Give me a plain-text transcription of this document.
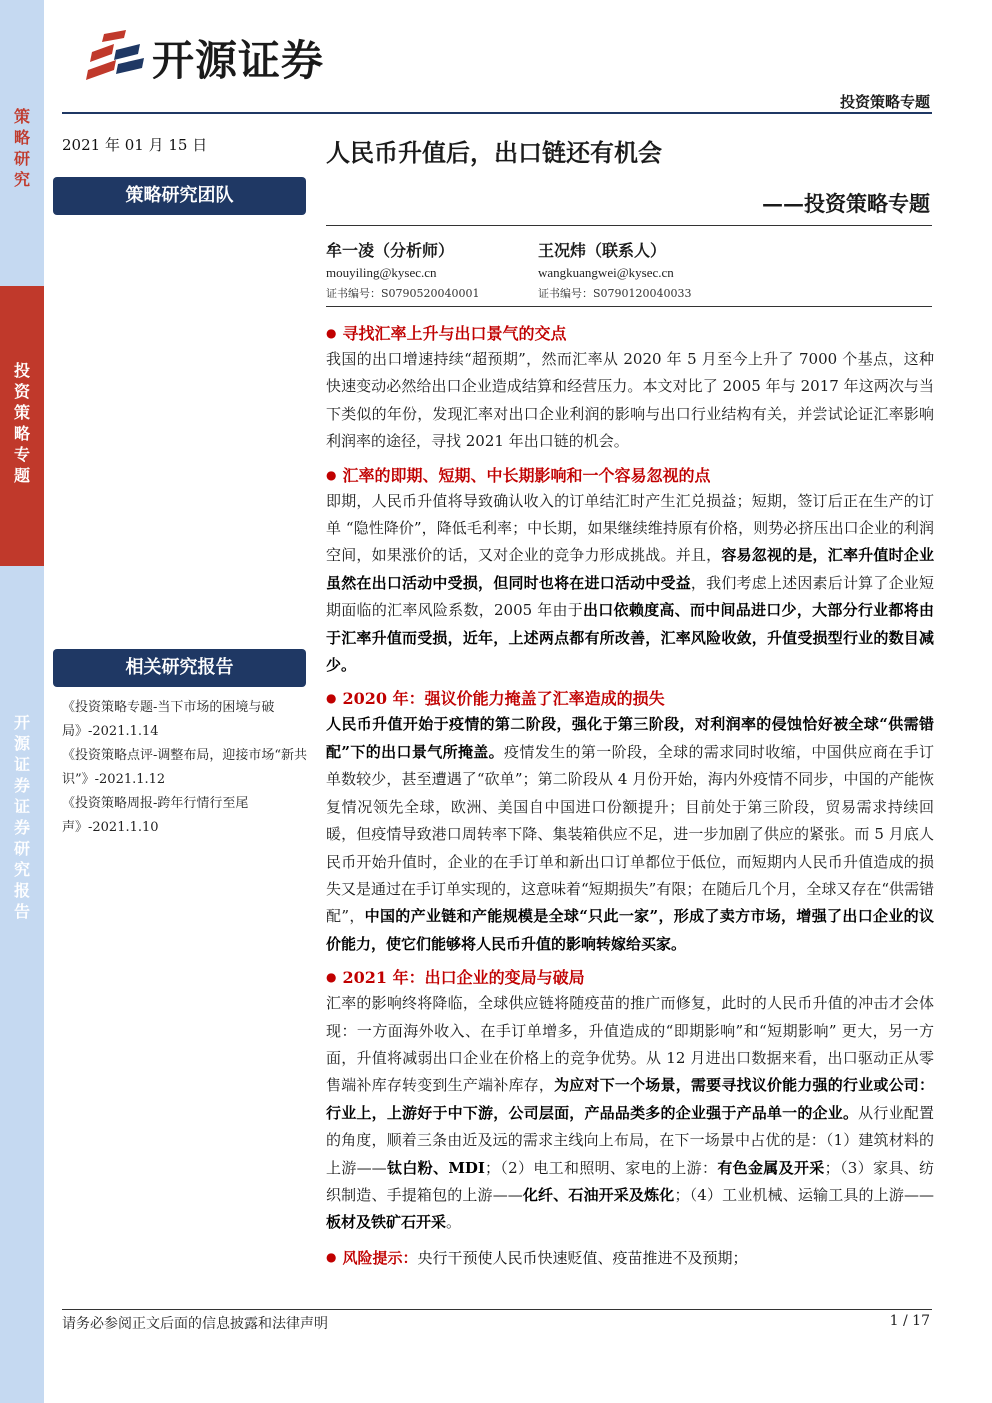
策略研究
投资策略专题
开源证券 证券研究报告
开源证券
投资策略专题
2021 年 01 月 15 日	人民币升值后，出口链还有机会
——投资策略专题
策略研究团队
牟一凌（分析师）
mouyiling@kysec.cn
证书编号：S0790520040001
王况炜（联系人）
wangkuangwei@kysec.cn
证书编号：S0790120040033
相关研究报告
《投资策略专题-当下市场的困境与破局》-2021.1.14
《投资策略点评-调整布局，迎接市场“新共识”》-2021.1.12
《投资策略周报-跨年行情行至尾声》-2021.1.10
● 寻找汇率上升与出口景气的交点
我国的出口增速持续“超预期”，然而汇率从 2020 年 5 月至今上升了 7000 个基点，这种快速变动必然给出口企业造成结算和经营压力。本文对比了 2005 年与 2017 年这两次与当下类似的年份，发现汇率对出口企业利润的影响与出口行业结构有关，并尝试论证汇率影响利润率的途径，寻找 2021 年出口链的机会。
● 汇率的即期、短期、中长期影响和一个容易忽视的点
即期，人民币升值将导致确认收入的订单结汇时产生汇兑损益；短期，签订后正在生产的订单 “隐性降价”，降低毛利率；中长期，如果继续维持原有价格，则势必挤压出口企业的利润空间，如果涨价的话，又对企业的竞争力形成挑战。并且，容易忽视的是，汇率升值时企业虽然在出口活动中受损，但同时也将在进口活动中受益，我们考虑上述因素后计算了企业短期面临的汇率风险系数，2005 年由于出口依赖度高、而中间品进口少，大部分行业都将由于汇率升值而受损，近年，上述两点都有所改善，汇率风险收敛，升值受损型行业的数目减少。
● 2020 年：强议价能力掩盖了汇率造成的损失
人民币升值开始于疫情的第二阶段，强化于第三阶段，对利润率的侵蚀恰好被全球“供需错配”下的出口景气所掩盖。疫情发生的第一阶段，全球的需求同时收缩，中国供应商在手订单数较少，甚至遭遇了“砍单”；第二阶段从 4 月份开始，海内外疫情不同步，中国的产能恢复情况领先全球，欧洲、美国自中国进口份额提升；目前处于第三阶段，贸易需求持续回暖，但疫情导致港口周转率下降、集装箱供应不足，进一步加剧了供应的紧张。而 5 月底人民币开始升值时，企业的在手订单和新出口订单都位于低位，而短期内人民币升值造成的损失又是通过在手订单实现的，这意味着“短期损失”有限；在随后几个月，全球又存在“供需错配”，中国的产业链和产能规模是全球“只此一家”，形成了卖方市场，增强了出口企业的议价能力，使它们能够将人民币升值的影响转嫁给买家。
● 2021 年：出口企业的变局与破局
汇率的影响终将降临，全球供应链将随疫苗的推广而修复，此时的人民币升值的冲击才会体现：一方面海外收入、在手订单增多，升值造成的“即期影响”和“短期影响” 更大，另一方面，升值将减弱出口企业在价格上的竞争优势。从 12 月进出口数据来看，出口驱动正从零售端补库存转变到生产端补库存，为应对下一个场景，需要寻找议价能力强的行业或公司：行业上，上游好于中下游，公司层面，产品品类多的企业强于产品单一的企业。从行业配置的角度，顺着三条由近及远的需求主线向上布局，在下一场景中占优的是：（1）建筑材料的上游——钛白粉、MDI；（2）电工和照明、家电的上游：有色金属及开采；（3）家具、纺织制造、手提箱包的上游——化纤、石油开采及炼化；（4）工业机械、运输工具的上游——板材及铁矿石开采。
● 风险提示：央行干预使人民币快速贬值、疫苗推进不及预期；
请务必参阅正文后面的信息披露和法律声明	1 / 17
